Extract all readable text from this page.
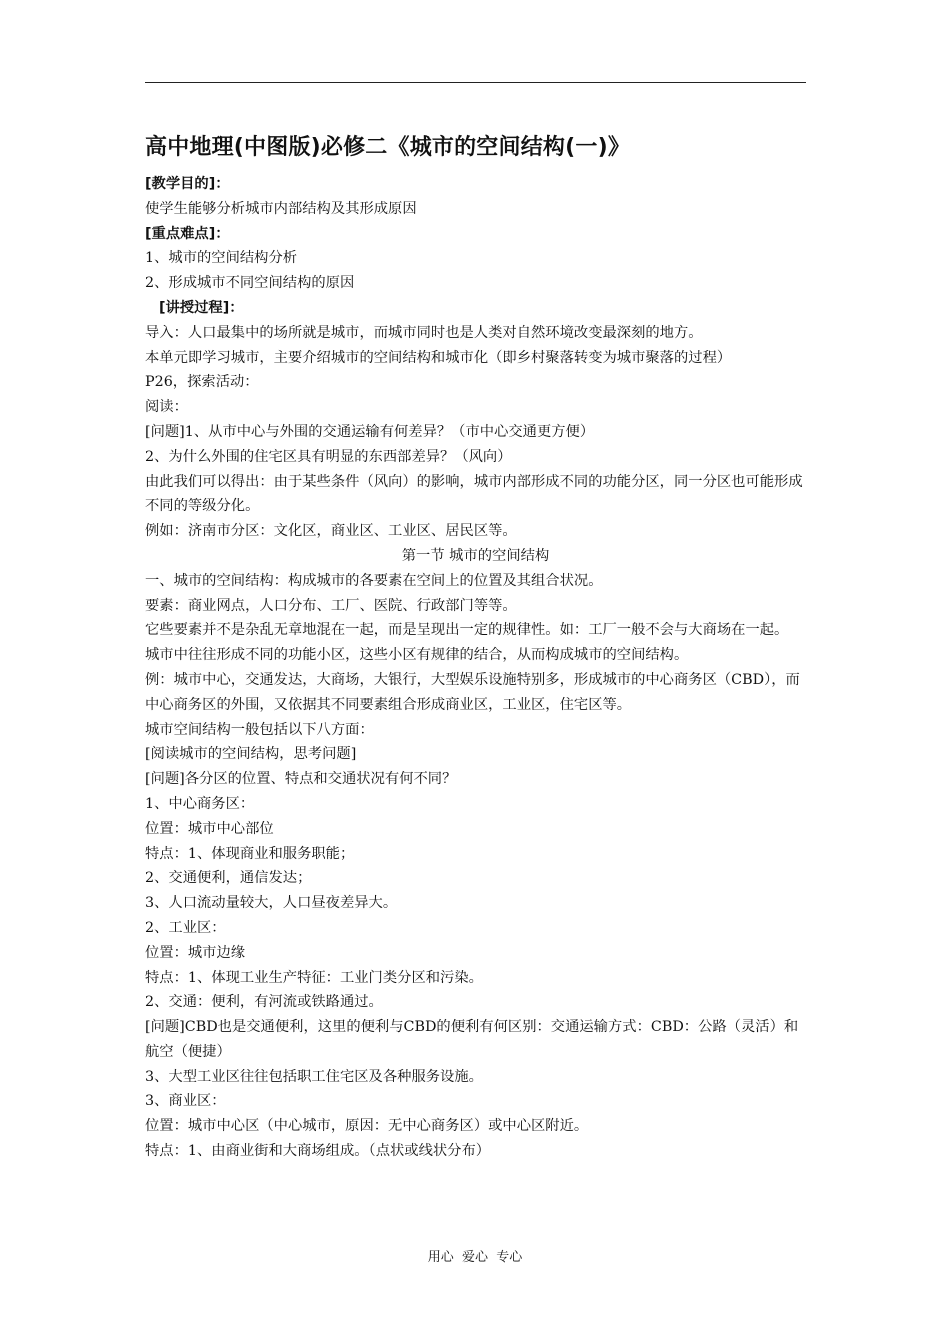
高中地理(中图版)必修二《城市的空间结构(一)》

[教学目的]：

使学生能够分析城市内部结构及其形成原因

[重点难点]：

1、城市的空间结构分析

2、形成城市不同空间结构的原因

[讲授过程]：

导入：人口最集中的场所就是城市，而城市同时也是人类对自然环境改变最深刻的地方。

本单元即学习城市，主要介绍城市的空间结构和城市化（即乡村聚落转变为城市聚落的过程）

P26，探索活动：

阅读：

[问题]1、从市中心与外围的交通运输有何差异？（市中心交通更方便）

2、为什么外围的住宅区具有明显的东西部差异？（风向）

由此我们可以得出：由于某些条件（风向）的影响，城市内部形成不同的功能分区，同一分区也可能形成不同的等级分化。

例如：济南市分区：文化区，商业区、工业区、居民区等。

第一节 城市的空间结构

一、城市的空间结构：构成城市的各要素在空间上的位置及其组合状况。

要素：商业网点，人口分布、工厂、医院、行政部门等等。

它些要素并不是杂乱无章地混在一起，而是呈现出一定的规律性。如：工厂一般不会与大商场在一起。

城市中往往形成不同的功能小区，这些小区有规律的结合，从而构成城市的空间结构。

例：城市中心，交通发达，大商场，大银行，大型娱乐设施特别多，形成城市的中心商务区（CBD），而中心商务区的外围，又依据其不同要素组合形成商业区，工业区，住宅区等。

城市空间结构一般包括以下八方面：

[阅读城市的空间结构，思考问题]

[问题]各分区的位置、特点和交通状况有何不同？

1、中心商务区：

位置：城市中心部位

特点：1、体现商业和服务职能；

2、交通便利，通信发达；

3、人口流动量较大，人口昼夜差异大。

2、工业区：

位置：城市边缘

特点：1、体现工业生产特征：工业门类分区和污染。

2、交通：便利，有河流或铁路通过。

[问题]CBD也是交通便利，这里的便利与CBD的便利有何区别：交通运输方式：CBD：公路（灵活）和航空（便捷）

3、大型工业区往往包括职工住宅区及各种服务设施。

3、商业区：

位置：城市中心区（中心城市，原因：无中心商务区）或中心区附近。

特点：1、由商业街和大商场组成。（点状或线状分布）

用心  爱心  专心
